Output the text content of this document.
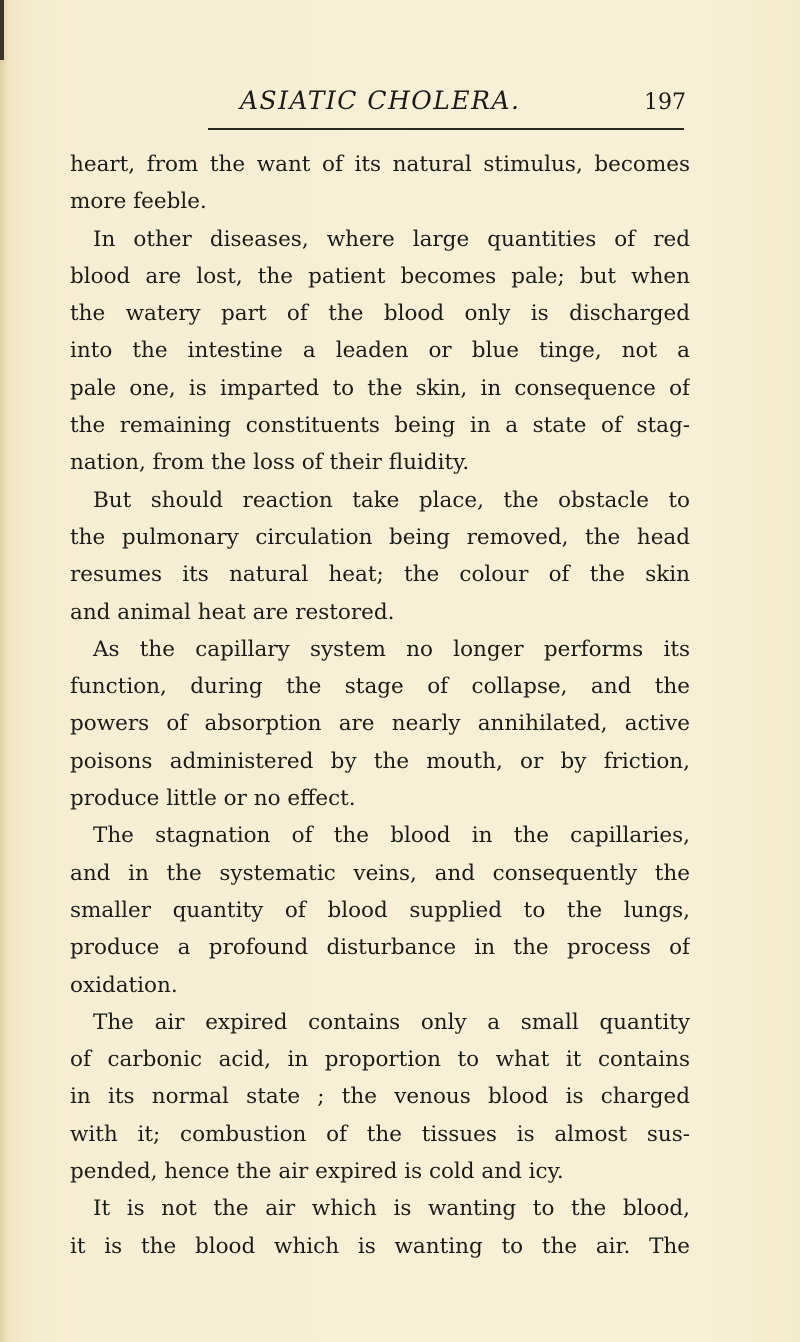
ASIATIC CHOLERA.	197
heart, from the want of its natural stimulus, becomes
more feeble.
In other diseases, where large quantities of red
blood are lost, the patient becomes pale; but when
the watery part of the blood only is discharged
into the intestine a leaden or blue tinge, not a
pale one, is imparted to the skin, in consequence of
the remaining constituents being in a state of stag-
nation, from the loss of their fluidity.
But should reaction take place, the obstacle to
the pulmonary circulation being removed, the head
resumes its natural heat; the colour of the skin
and animal heat are restored.
As the capillary system no longer performs its
function, during the stage of collapse, and the
powers of absorption are nearly annihilated, active
poisons administered by the mouth, or by friction,
produce little or no effect.
The stagnation of the blood in the capillaries,
and in the systematic veins, and consequently the
smaller quantity of blood supplied to the lungs,
produce a profound disturbance in the process of
oxidation.
The air expired contains only a small quantity
of carbonic acid, in proportion to what it contains
in its normal state ; the venous blood is charged
with it; combustion of the tissues is almost sus-
pended, hence the air expired is cold and icy.
It is not the air which is wanting to the blood,
it is the blood which is wanting to the air. The
